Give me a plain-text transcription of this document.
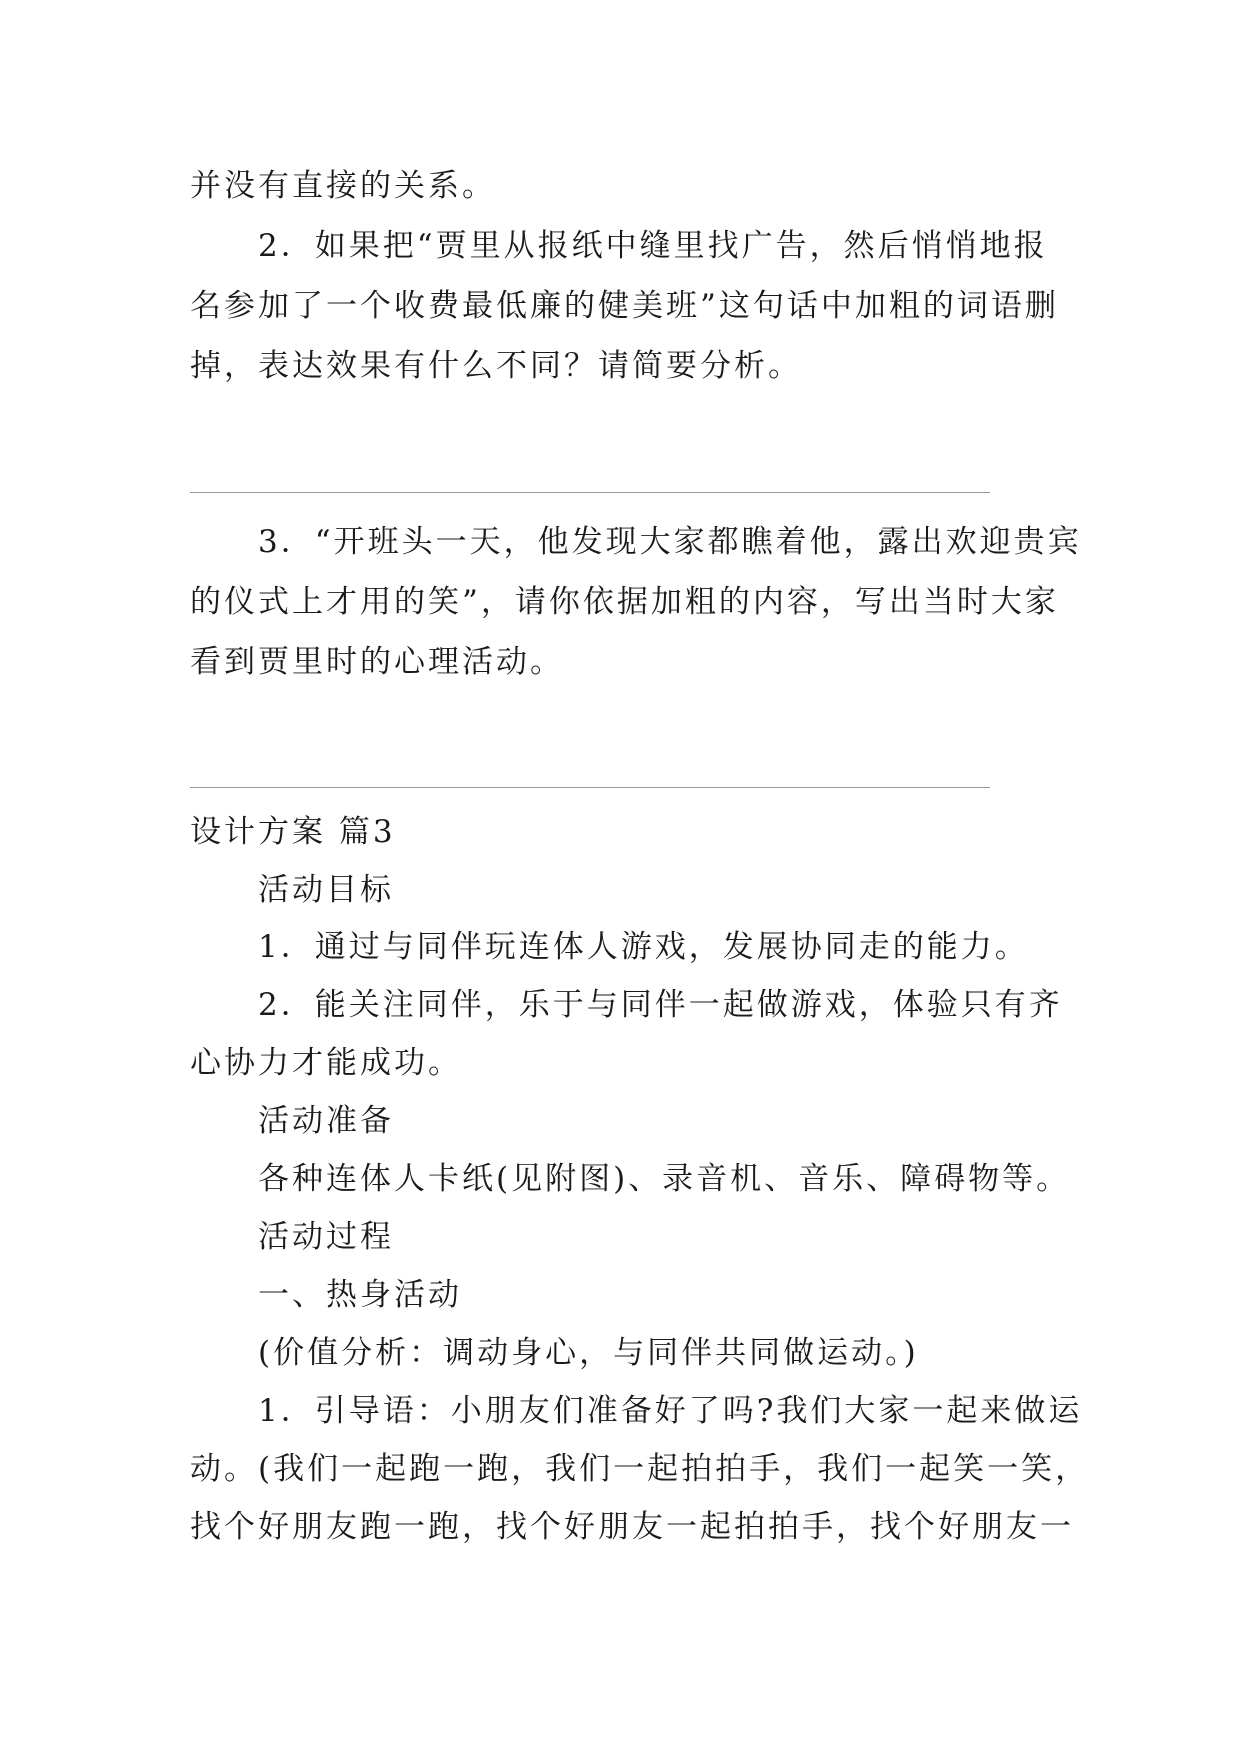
并没有直接的关系。
2．如果把“贾里从报纸中缝里找广告，然后悄悄地报
名参加了一个收费最低廉的健美班”这句话中加粗的词语删
掉，表达效果有什么不同？请简要分析。
3．“开班头一天，他发现大家都瞧着他，露出欢迎贵宾
的仪式上才用的笑”，请你依据加粗的内容，写出当时大家
看到贾里时的心理活动。
设计方案 篇3
活动目标
1．通过与同伴玩连体人游戏，发展协同走的能力。
2．能关注同伴，乐于与同伴一起做游戏，体验只有齐
心协力才能成功。
活动准备
各种连体人卡纸(见附图)、录音机、音乐、障碍物等。
活动过程
一、热身活动
(价值分析：调动身心，与同伴共同做运动。)
1．引导语：小朋友们准备好了吗?我们大家一起来做运
动。(我们一起跑一跑，我们一起拍拍手，我们一起笑一笑，
找个好朋友跑一跑，找个好朋友一起拍拍手，找个好朋友一
